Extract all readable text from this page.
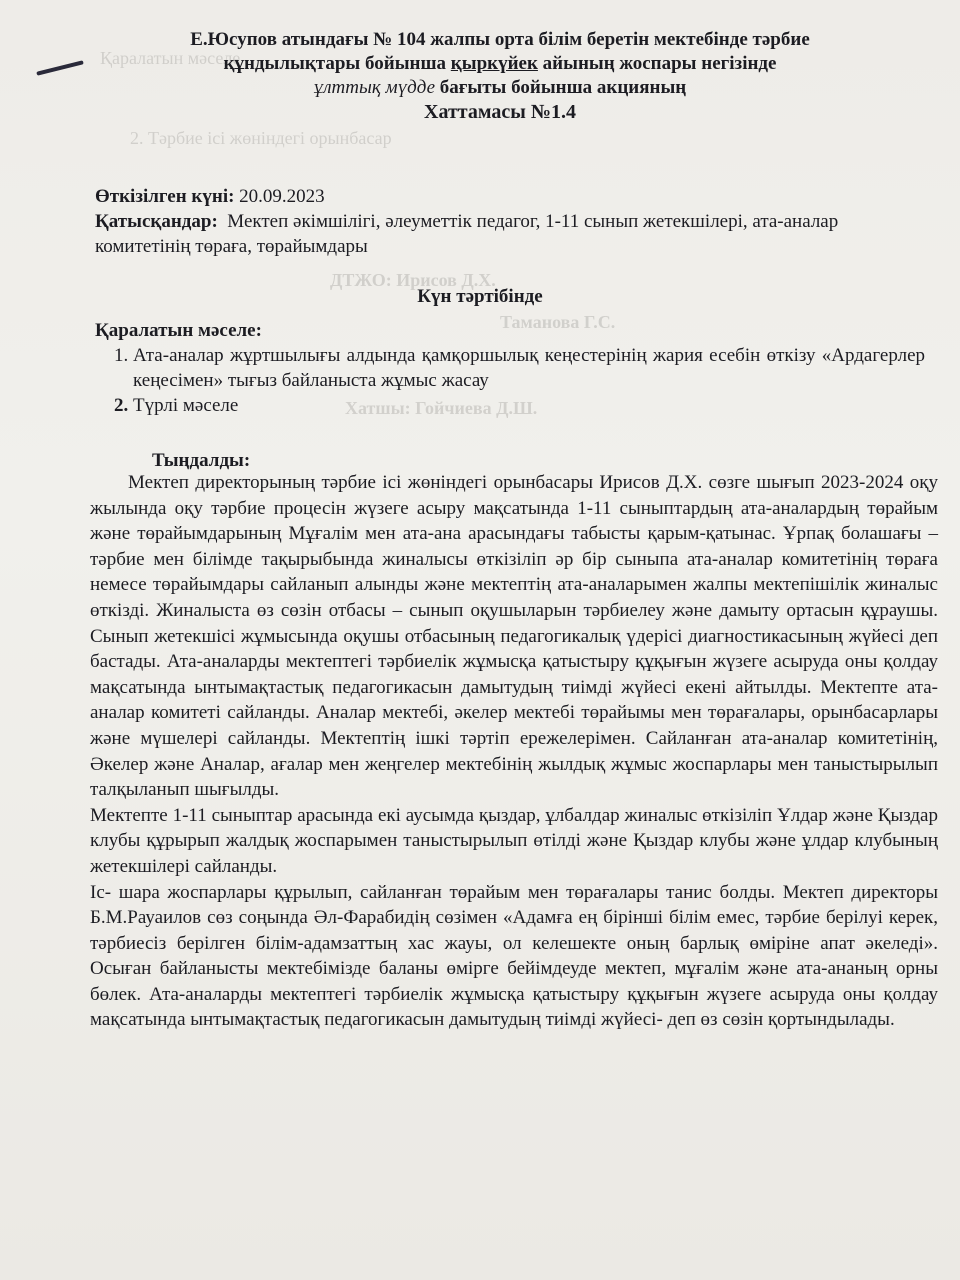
Қаралатын мәселе
2. Тәрбие ісі жөніндегі орынбасар
ДТЖО: Ирисов Д.Х.
Таманова Г.С.
Хатшы: Гойчиева Д.Ш.
Е.Юсупов атындағы № 104 жалпы орта білім беретін мектебінде тәрбие
құндылықтары бойынша қыркүйек айының жоспары негізінде
ұлттық мүдде бағыты бойынша акцияның
Хаттамасы №1.4
Өткізілген күні: 20.09.2023
Қатысқандар: Мектеп әкімшілігі, әлеуметтік педагог, 1-11 сынып жетекшілері, ата-аналар комитетінің төраға, төрайымдары
Күн тәртібінде
Қаралатын мәселе:
1. Ата-аналар жұртшылығы алдында қамқоршылық кеңестерінің жария есебін өткізу «Ардагерлер кеңесімен» тығыз байланыста жұмыс жасау
2. Түрлі мәселе
Тыңдалды:

Мектеп директорының тәрбие ісі жөніндегі орынбасары Ирисов Д.Х. сөзге шығып 2023-2024 оқу жылында оқу тәрбие процесін жүзеге асыру мақсатында 1-11 сыныптардың ата-аналардың төрайым және төрайымдарының Мұғалім мен ата-ана арасындағы табысты қарым-қатынас. Ұрпақ болашағы – тәрбие мен білімде тақырыбында жиналысы өткізіліп әр бір сыныпа ата-аналар комитетінің төраға немесе төрайымдары сайланып алынды және мектептің ата-аналарымен жалпы мектепішілік жиналыс өткізді. Жиналыста өз сөзін отбасы – сынып оқушыларын тәрбиелеу және дамыту ортасын құраушы. Сынып жетекшісі жұмысында оқушы отбасының педагогикалық үдерісі диагностикасының жүйесі деп бастады. Ата-аналарды мектептегі тәрбиелік жұмысқа қатыстыру құқығын жүзеге асыруда оны қолдау мақсатында ынтымақтастық педагогикасын дамытудың тиімді жүйесі екені айтылды. Мектепте ата-аналар комитеті сайланды. Аналар мектебі, әкелер мектебі төрайымы мен төрағалары, орынбасарлары және мүшелері сайланды. Мектептің ішкі тәртіп ережелерімен. Сайланған ата-аналар комитетінің, Әкелер және Аналар, ағалар мен жеңгелер мектебінің жылдық жұмыс жоспарлары мен таныстырылып талқыланып шығылды.

Мектепте 1-11 сыныптар арасында екі аусымда қыздар, ұлбалдар жиналыс өткізіліп Ұлдар және Қыздар клубы құрырып жалдық жоспарымен таныстырылып өтілді және Қыздар клубы және ұлдар клубының жетекшілері сайланды.

Іс- шара жоспарлары құрылып, сайланған төрайым мен төрағалары танис болды. Мектеп директоры Б.М.Рауаилов сөз соңында Әл-Фарабидің сөзімен «Адамға ең бірінші білім емес, тәрбие берілуі керек, тәрбиесіз берілген білім-адамзаттың хас жауы, ол келешекте оның барлық өміріне апат әкеледі». Осыған байланысты мектебімізде баланы өмірге бейімдеуде мектеп, мұғалім және ата-ананың орны бөлек. Ата-аналарды мектептегі тәрбиелік жұмысқа қатыстыру құқығын жүзеге асыруда оны қолдау мақсатында ынтымақтастық педагогикасын дамытудың тиімді жүйесі- деп өз сөзін қортындылады.
